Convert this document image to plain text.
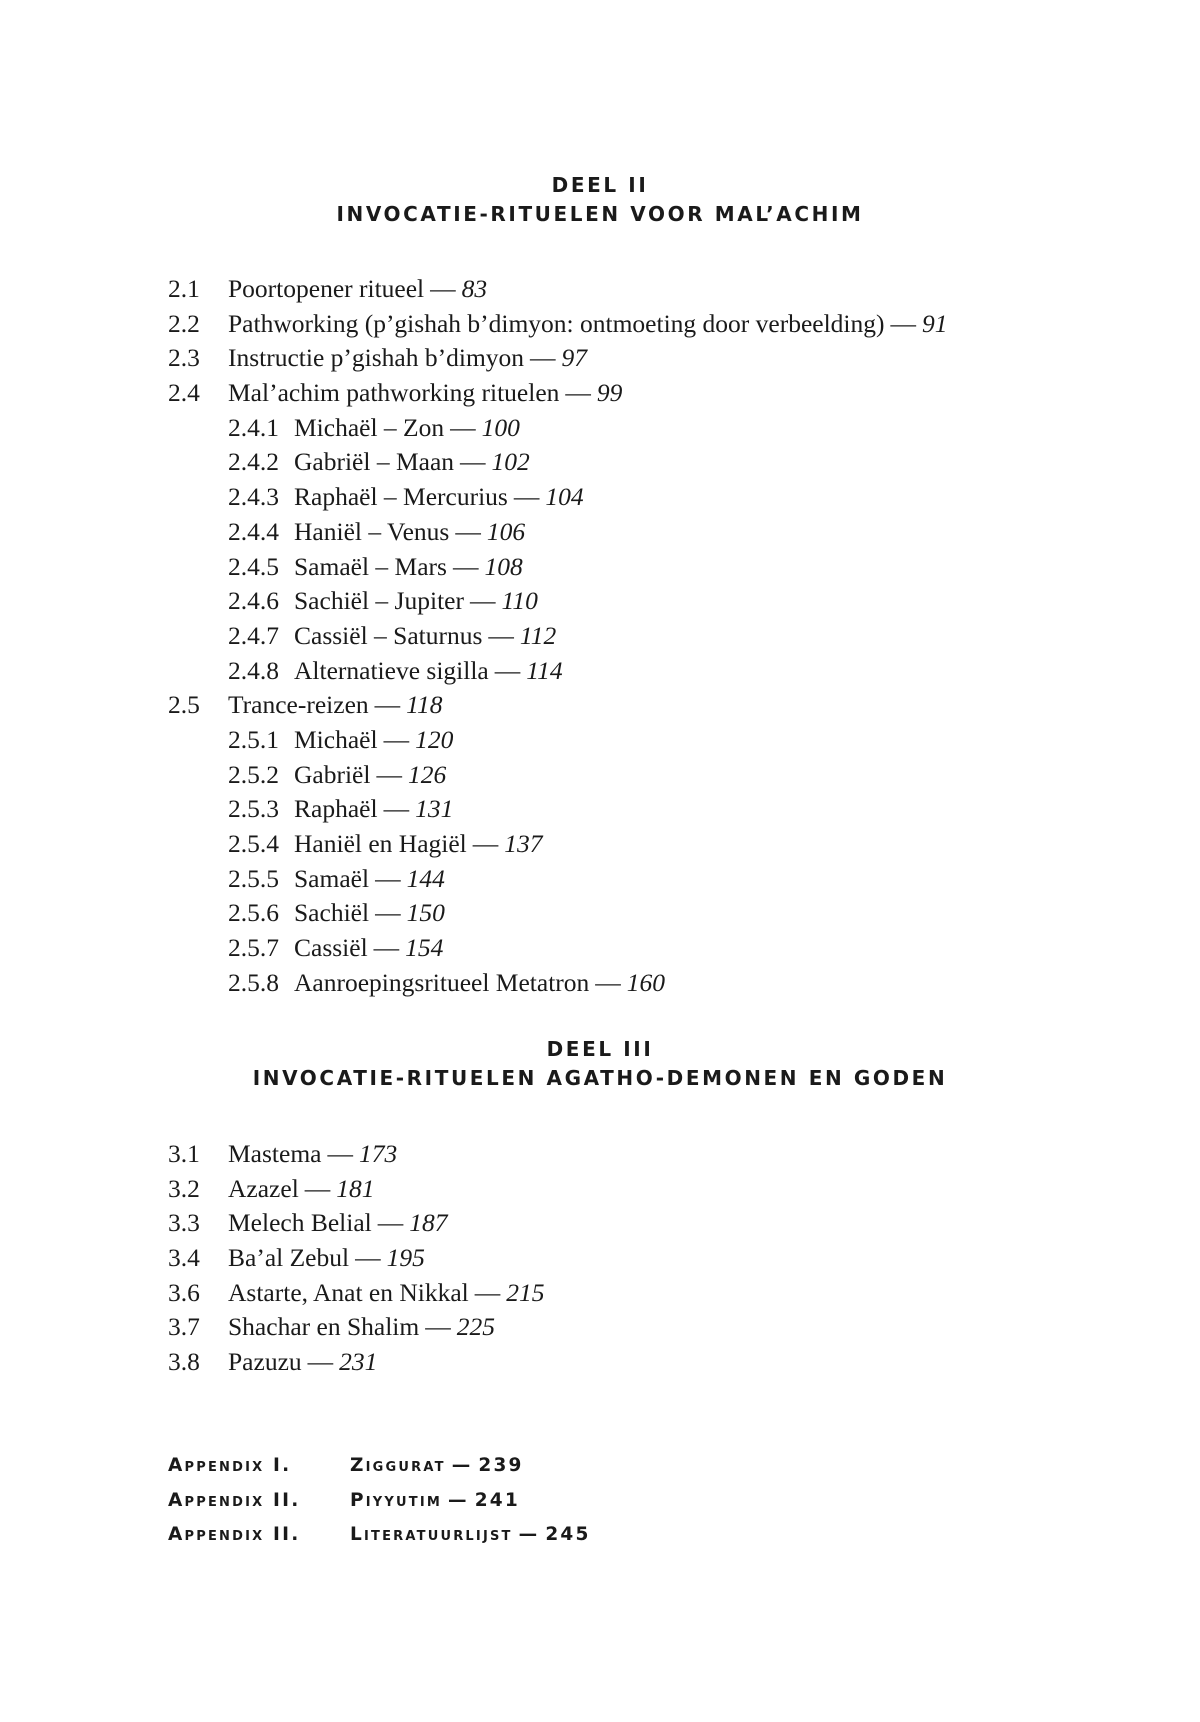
DEEL II
INVOCATIE-RITUELEN VOOR MAL’ACHIM
2.1 Poortopener ritueel — 83
2.2 Pathworking (p’gishah b’dimyon: ontmoeting door verbeelding) — 91
2.3 Instructie p’gishah b’dimyon — 97
2.4 Mal’achim pathworking rituelen — 99
2.4.1 Michaël – Zon — 100
2.4.2 Gabriël – Maan — 102
2.4.3 Raphaël – Mercurius — 104
2.4.4 Haniël – Venus — 106
2.4.5 Samaël – Mars — 108
2.4.6 Sachiël – Jupiter — 110
2.4.7 Cassiël – Saturnus — 112
2.4.8 Alternatieve sigilla — 114
2.5 Trance-reizen — 118
2.5.1 Michaël — 120
2.5.2 Gabriël — 126
2.5.3 Raphaël — 131
2.5.4 Haniël en Hagiël — 137
2.5.5 Samaël — 144
2.5.6 Sachiël — 150
2.5.7 Cassiël — 154
2.5.8 Aanroepingsritueel Metatron — 160
DEEL III
INVOCATIE-RITUELEN AGATHO-DEMONEN EN GODEN
3.1 Mastema — 173
3.2 Azazel — 181
3.3 Melech Belial — 187
3.4 Ba’al Zebul — 195
3.6 Astarte, Anat en Nikkal — 215
3.7 Shachar en Shalim — 225
3.8 Pazuzu — 231
Appendix I.	Ziggurat — 239
Appendix II.	Piyyutim — 241
Appendix II.	Literatuurlijst — 245
